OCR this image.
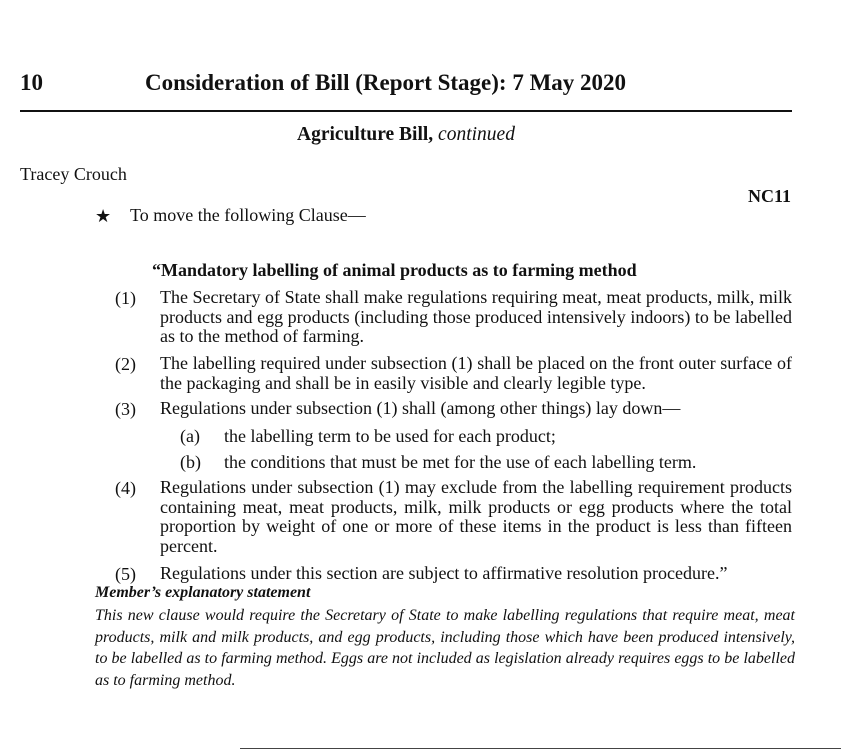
10	Consideration of Bill (Report Stage): 7 May 2020
Agriculture Bill, continued
Tracey Crouch
NC11
★ To move the following Clause—
“Mandatory labelling of animal products as to farming method
(1) The Secretary of State shall make regulations requiring meat, meat products, milk, milk products and egg products (including those produced intensively indoors) to be labelled as to the method of farming.
(2) The labelling required under subsection (1) shall be placed on the front outer surface of the packaging and shall be in easily visible and clearly legible type.
(3) Regulations under subsection (1) shall (among other things) lay down—
(a) the labelling term to be used for each product;
(b) the conditions that must be met for the use of each labelling term.
(4) Regulations under subsection (1) may exclude from the labelling requirement products containing meat, meat products, milk, milk products or egg products where the total proportion by weight of one or more of these items in the product is less than fifteen percent.
(5) Regulations under this section are subject to affirmative resolution procedure.”
Member’s explanatory statement
This new clause would require the Secretary of State to make labelling regulations that require meat, meat products, milk and milk products, and egg products, including those which have been produced intensively, to be labelled as to farming method. Eggs are not included as legislation already requires eggs to be labelled as to farming method.
